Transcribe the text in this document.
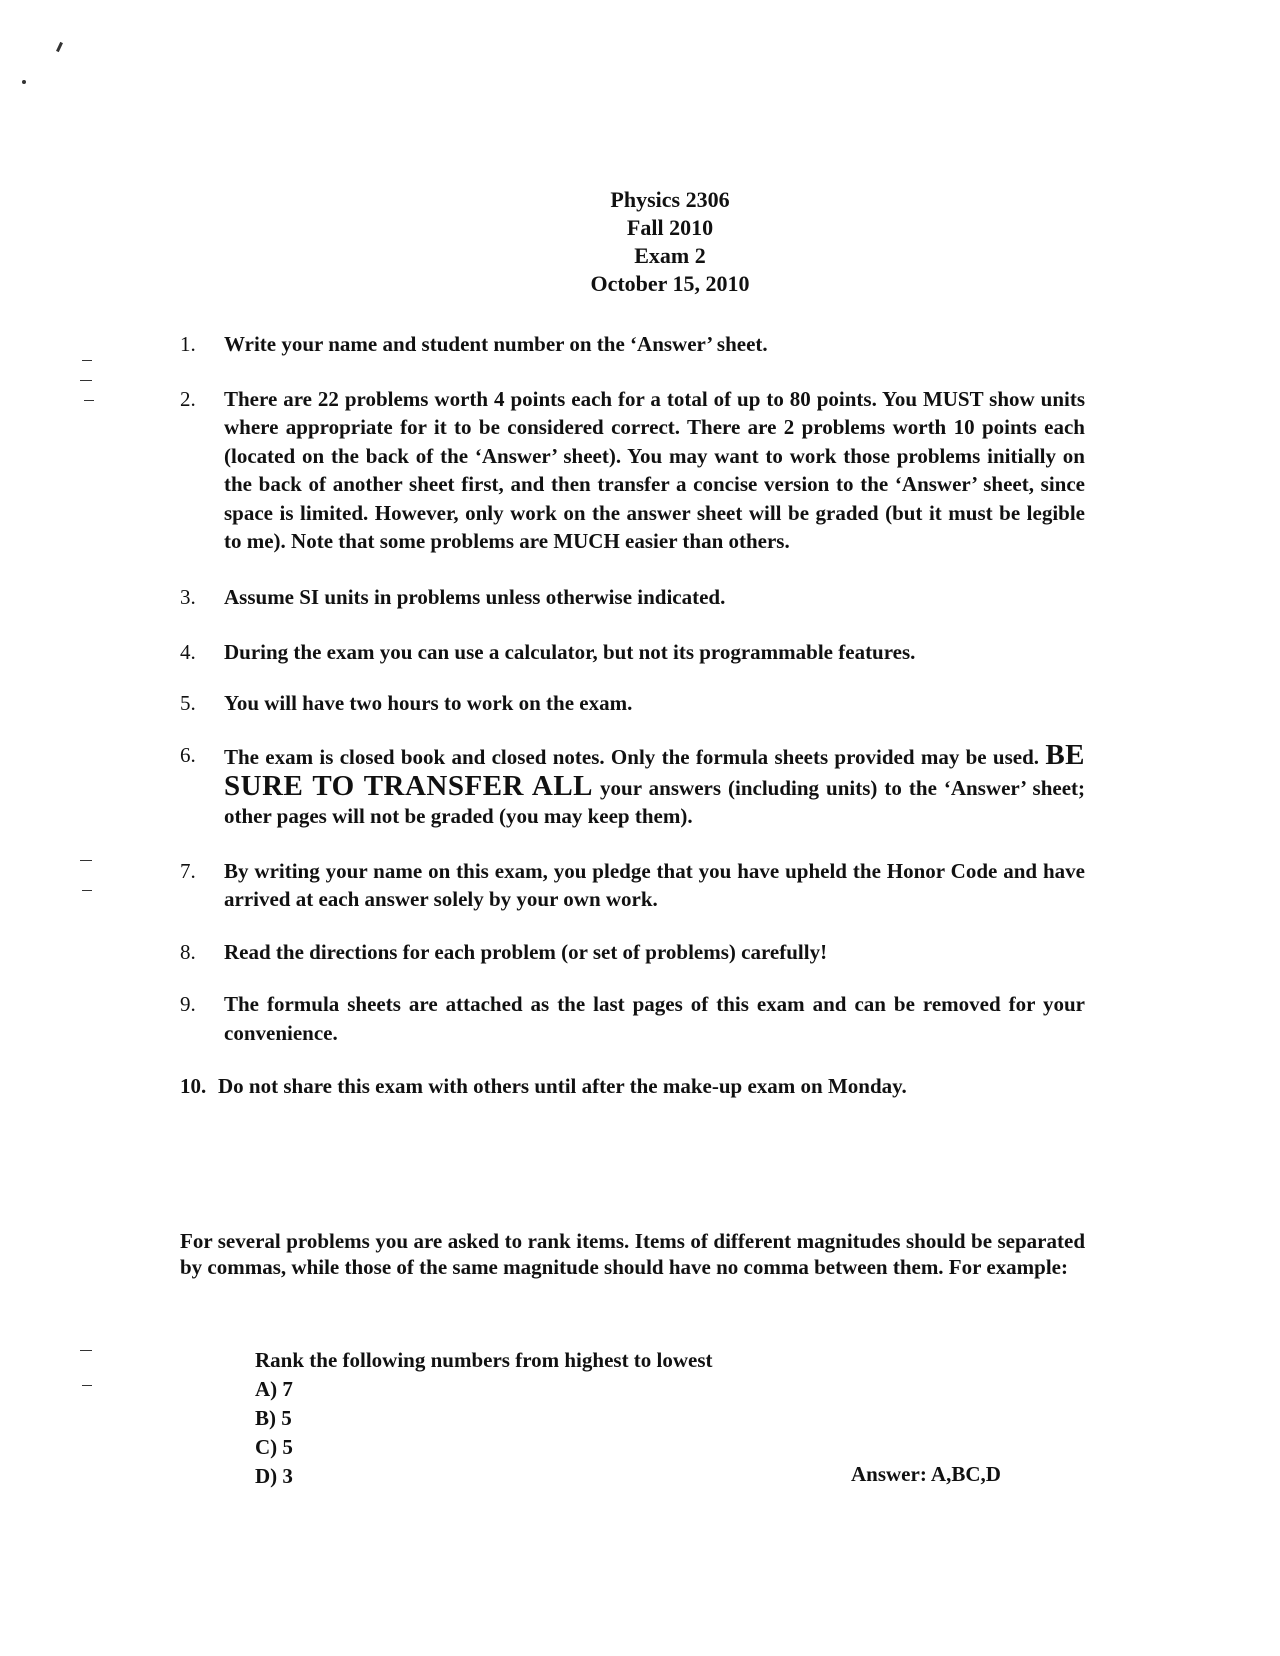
Physics 2306
Fall 2010
Exam 2
October 15, 2010
1. Write your name and student number on the ‘Answer’ sheet.
2. There are 22 problems worth 4 points each for a total of up to 80 points. You MUST show units where appropriate for it to be considered correct. There are 2 problems worth 10 points each (located on the back of the ‘Answer’ sheet). You may want to work those problems initially on the back of another sheet first, and then transfer a concise version to the ‘Answer’ sheet, since space is limited. However, only work on the answer sheet will be graded (but it must be legible to me). Note that some problems are MUCH easier than others.
3. Assume SI units in problems unless otherwise indicated.
4. During the exam you can use a calculator, but not its programmable features.
5. You will have two hours to work on the exam.
6. The exam is closed book and closed notes. Only the formula sheets provided may be used. BE SURE TO TRANSFER ALL your answers (including units) to the ‘Answer’ sheet; other pages will not be graded (you may keep them).
7. By writing your name on this exam, you pledge that you have upheld the Honor Code and have arrived at each answer solely by your own work.
8. Read the directions for each problem (or set of problems) carefully!
9. The formula sheets are attached as the last pages of this exam and can be removed for your convenience.
10. Do not share this exam with others until after the make-up exam on Monday.
For several problems you are asked to rank items. Items of different magnitudes should be separated by commas, while those of the same magnitude should have no comma between them. For example:
Rank the following numbers from highest to lowest
A) 7
B) 5
C) 5
D) 3	Answer: A,BC,D
